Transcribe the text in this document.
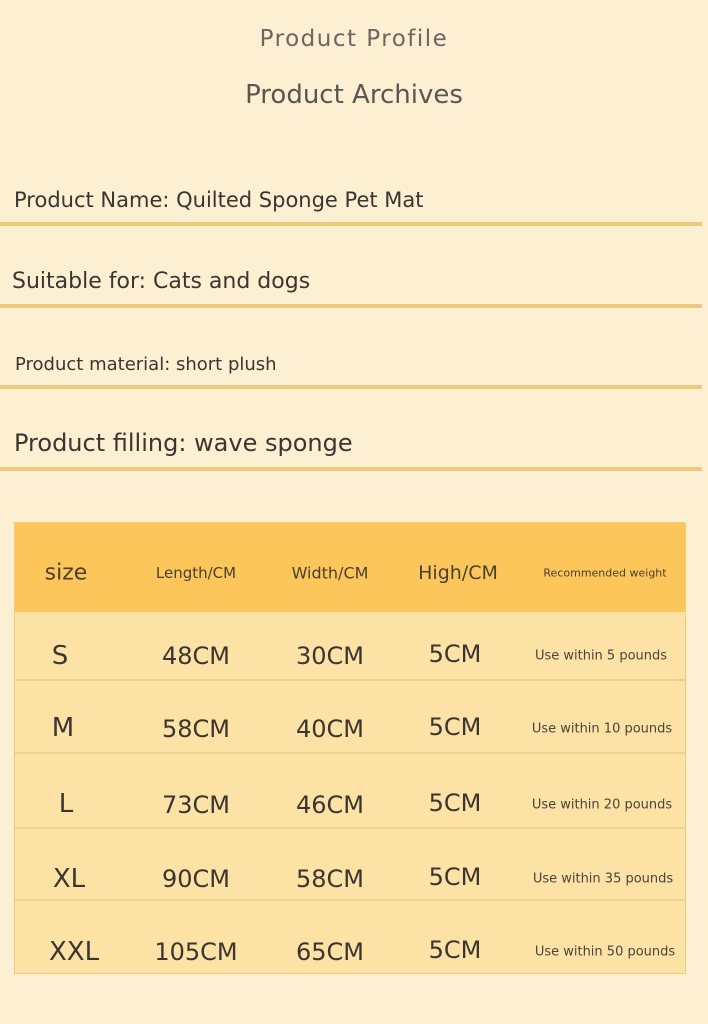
Product Profile
Product Archives
Product Name: Quilted Sponge Pet Mat
Suitable for: Cats and dogs
Product material: short plush
Product filling: wave sponge
size	Length/CM	Width/CM	High/CM	Recommended weight
S	48CM	30CM	5CM	Use within 5 pounds
M	58CM	40CM	5CM	Use within 10 pounds
L	73CM	46CM	5CM	Use within 20 pounds
XL	90CM	58CM	5CM	Use within 35 pounds
XXL 105CM 65CM	5CM	Use within 50 pounds
